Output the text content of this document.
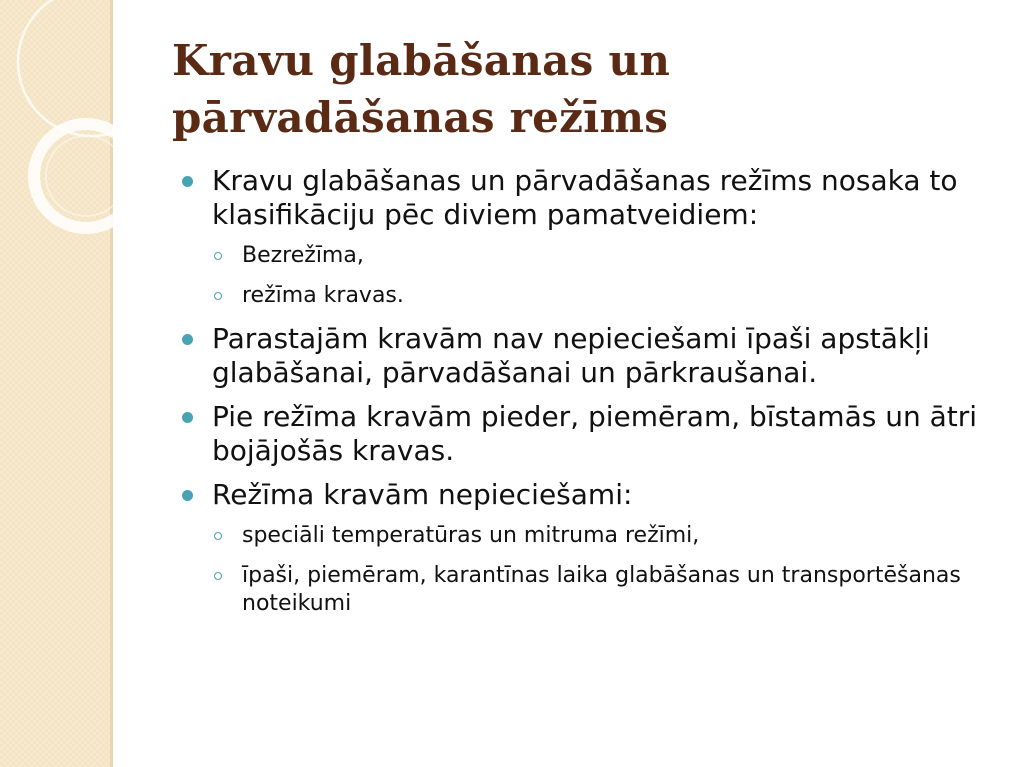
Kravu glabāšanas un
pārvadāšanas režīms
Kravu glabāšanas un pārvadāšanas režīms nosaka to klasifikāciju pēc diviem pamatveidiem:
Bezrežīma,
režīma kravas.
Parastajām kravām nav nepieciešami īpaši apstākļi glabāšanai, pārvadāšanai un pārkraušanai.
Pie režīma kravām pieder, piemēram, bīstamās un ātri bojājošās kravas.
Režīma kravām nepieciešami:
speciāli temperatūras un mitruma režīmi,
īpaši, piemēram, karantīnas laika glabāšanas un transportēšanas noteikumi
